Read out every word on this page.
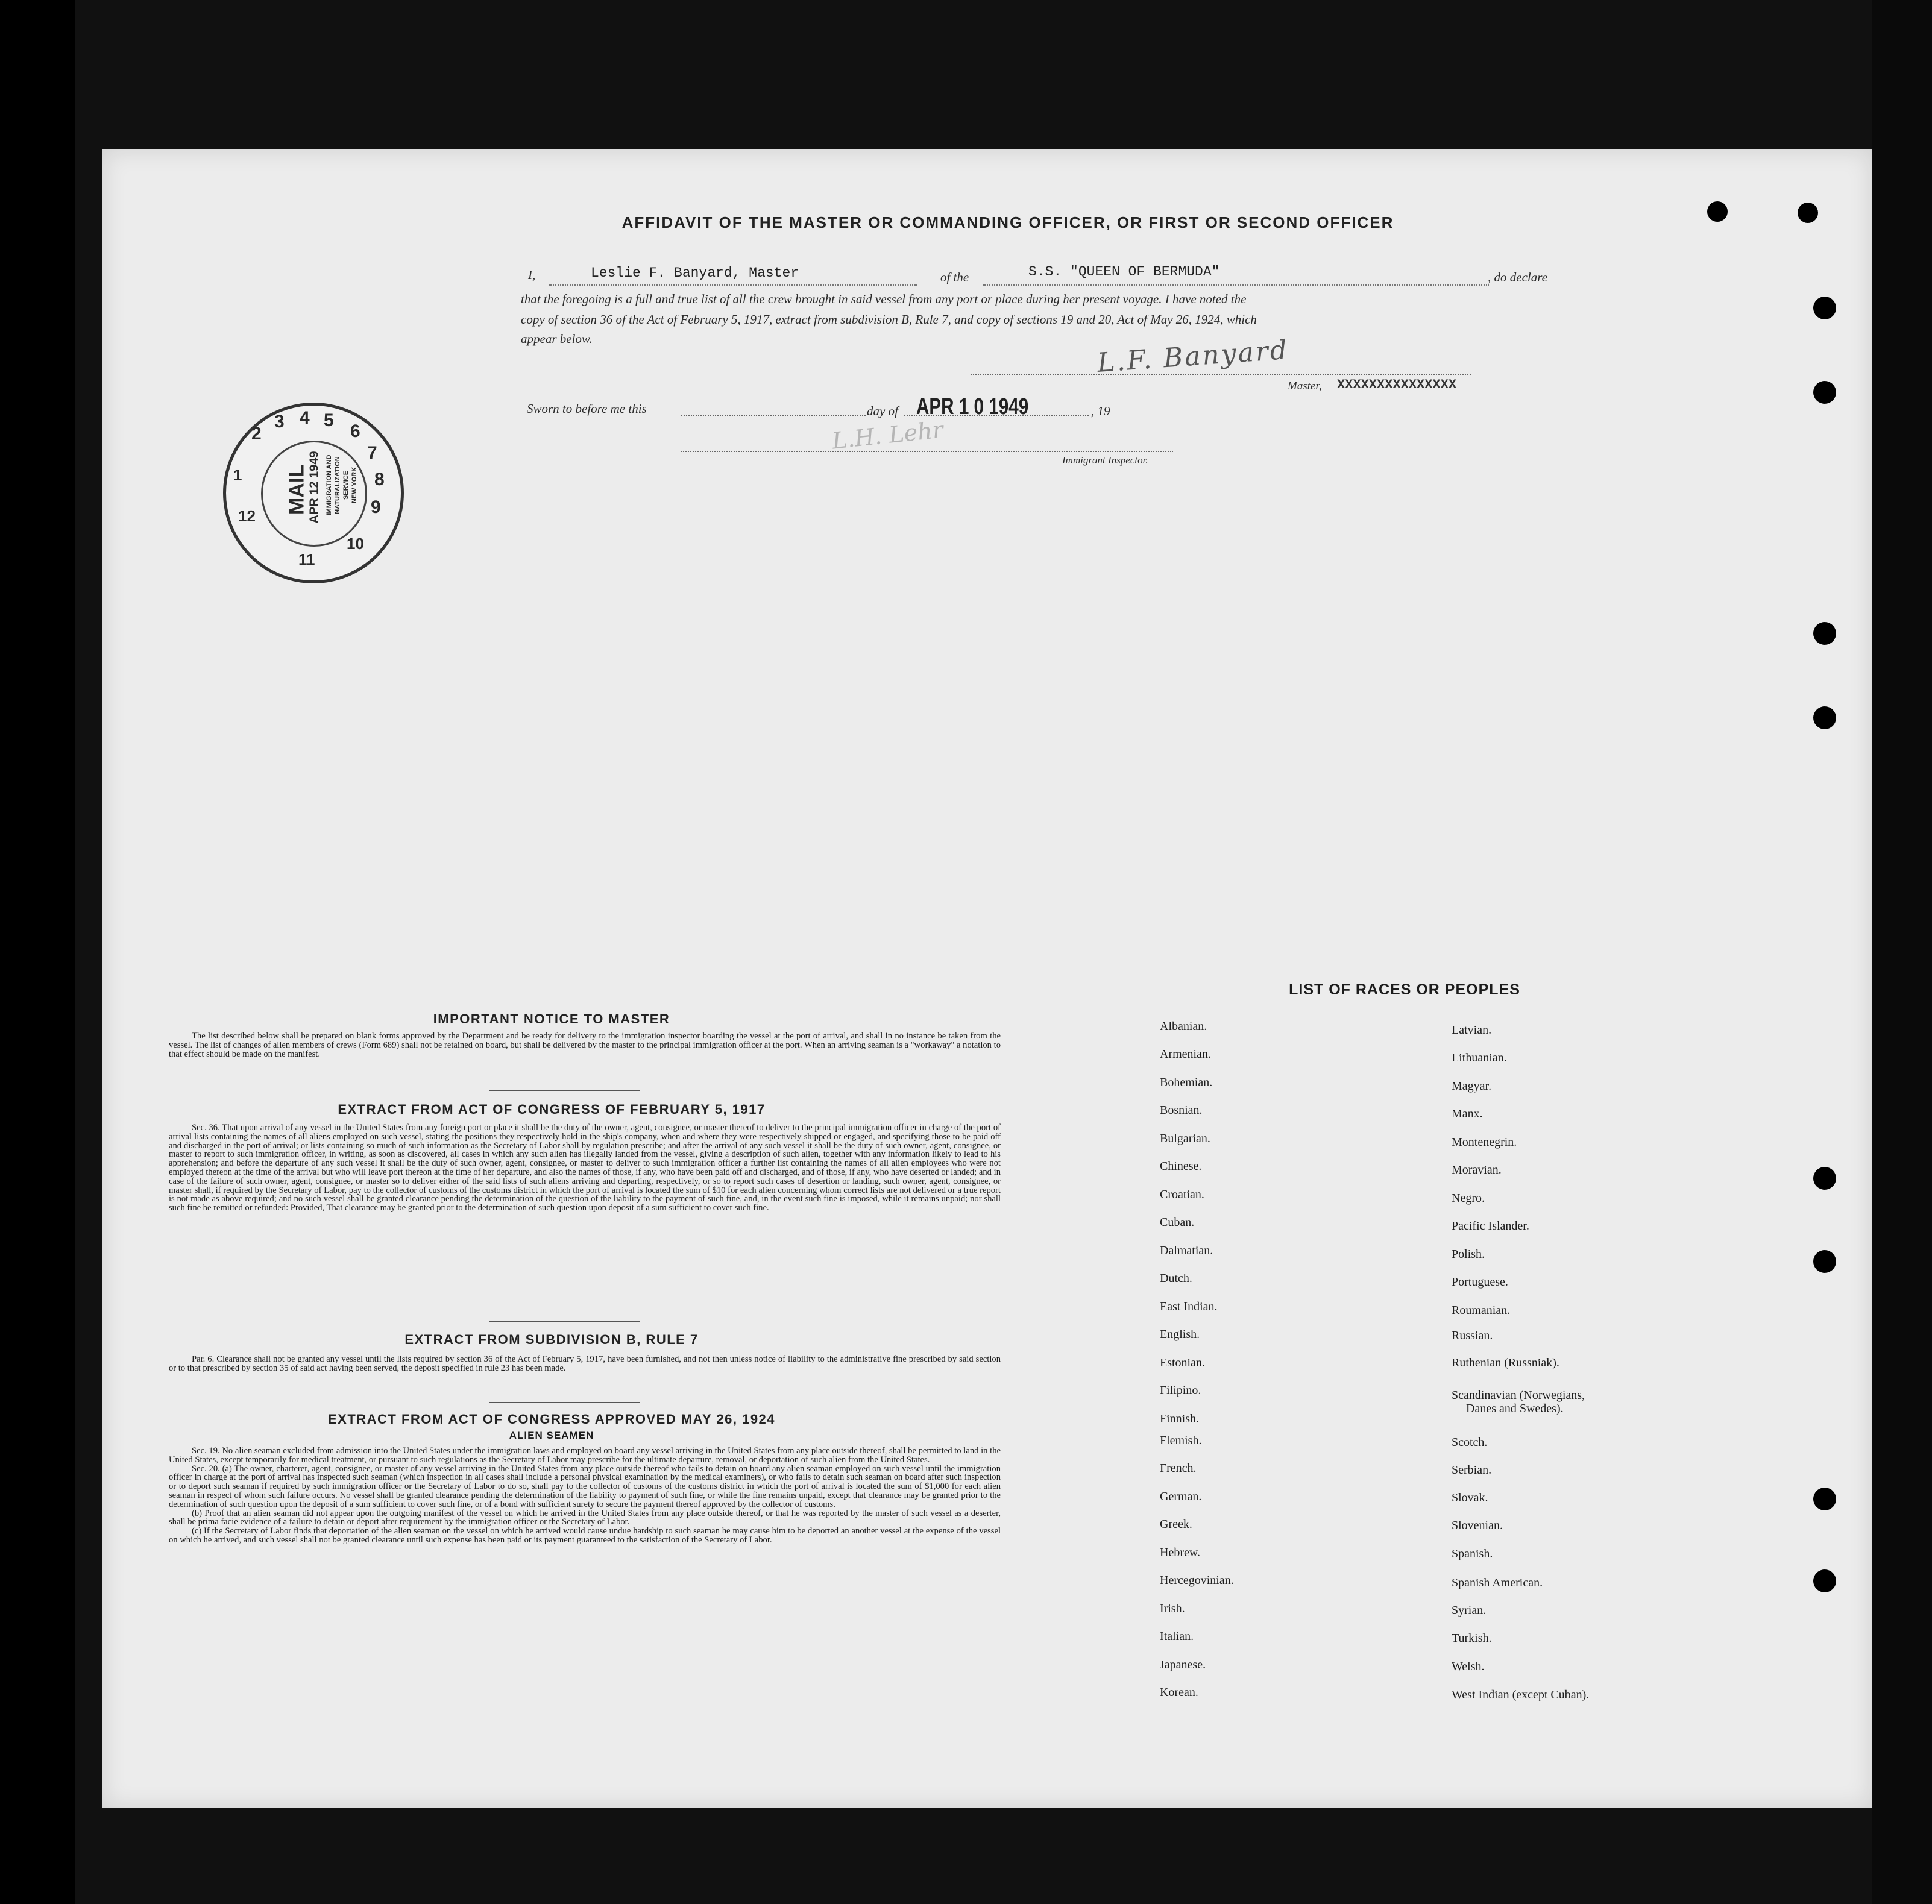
AFFIDAVIT OF THE MASTER OR COMMANDING OFFICER, OR FIRST OR SECOND OFFICER
I,	Leslie F. Banyard, Master	of the	S.S. "QUEEN OF BERMUDA"	, do declare
that the foregoing is a full and true list of all the crew brought in said vessel from any port or place during her present voyage. I have noted the
copy of section 36 of the Act of February 5, 1917, extract from subdivision B, Rule 7, and copy of sections 19 and 20, Act of May 26, 1924, which
appear below.	L.F. Banyard
Master, XXXXXXXXXXXXXXX
Sworn to before me this	day of APR 1 0 1949	, 19
L.H. Lehr
Immigrant Inspector.
2
3 4 5
6
7
8
9
10
11
12
1 MAIL APR 12 1949 IMMIGRATION AND NATURALIZATION SERVICE NEW YORK
IMPORTANT NOTICE TO MASTER
The list described below shall be prepared on blank forms approved by the Department and be ready for delivery to the immigration inspector boarding the vessel at the port of arrival, and shall in no instance be taken from the vessel. The list of changes of alien members of crews (Form 689) shall not be retained on board, but shall be delivered by the master to the principal immigration officer at the port. When an arriving seaman is a "workaway" a notation to that effect should be made on the manifest.
EXTRACT FROM ACT OF CONGRESS OF FEBRUARY 5, 1917
Sec. 36. That upon arrival of any vessel in the United States from any foreign port or place it shall be the duty of the owner, agent, consignee, or master thereof to deliver to the principal immigration officer in charge of the port of arrival lists containing the names of all aliens employed on such vessel, stating the positions they respectively hold in the ship's company, when and where they were respectively shipped or engaged, and specifying those to be paid off and discharged in the port of arrival; or lists containing so much of such information as the Secretary of Labor shall by regulation prescribe; and after the arrival of any such vessel it shall be the duty of such owner, agent, consignee, or master to report to such immigration officer, in writing, as soon as discovered, all cases in which any such alien has illegally landed from the vessel, giving a description of such alien, together with any information likely to lead to his apprehension; and before the departure of any such vessel it shall be the duty of such owner, agent, consignee, or master to deliver to such immigration officer a further list containing the names of all alien employees who were not employed thereon at the time of the arrival but who will leave port thereon at the time of her departure, and also the names of those, if any, who have been paid off and discharged, and of those, if any, who have deserted or landed; and in case of the failure of such owner, agent, consignee, or master so to deliver either of the said lists of such aliens arriving and departing, respectively, or so to report such cases of desertion or landing, such owner, agent, consignee, or master shall, if required by the Secretary of Labor, pay to the collector of customs of the customs district in which the port of arrival is located the sum of $10 for each alien concerning whom correct lists are not delivered or a true report is not made as above required; and no such vessel shall be granted clearance pending the determination of the question of the liability to the payment of such fine, and, in the event such fine is imposed, while it remains unpaid; nor shall such fine be remitted or refunded: Provided, That clearance may be granted prior to the determination of such question upon deposit of a sum sufficient to cover such fine.
EXTRACT FROM SUBDIVISION B, RULE 7
Par. 6. Clearance shall not be granted any vessel until the lists required by section 36 of the Act of February 5, 1917, have been furnished, and not then unless notice of liability to the administrative fine prescribed by said section or to that prescribed by section 35 of said act having been served, the deposit specified in rule 23 has been made.
EXTRACT FROM ACT OF CONGRESS APPROVED MAY 26, 1924
ALIEN SEAMEN
Sec. 19. No alien seaman excluded from admission into the United States under the immigration laws and employed on board any vessel arriving in the United States from any place outside thereof, shall be permitted to land in the United States, except temporarily for medical treatment, or pursuant to such regulations as the Secretary of Labor may prescribe for the ultimate departure, removal, or deportation of such alien from the United States.
Sec. 20. (a) The owner, charterer, agent, consignee, or master of any vessel arriving in the United States from any place outside thereof who fails to detain on board any alien seaman employed on such vessel until the immigration officer in charge at the port of arrival has inspected such seaman (which inspection in all cases shall include a personal physical examination by the medical examiners), or who fails to detain such seaman on board after such inspection or to deport such seaman if required by such immigration officer or the Secretary of Labor to do so, shall pay to the collector of customs of the customs district in which the port of arrival is located the sum of $1,000 for each alien seaman in respect of whom such failure occurs. No vessel shall be granted clearance pending the determination of the liability to payment of such fine, or while the fine remains unpaid, except that clearance may be granted prior to the determination of such question upon the deposit of a sum sufficient to cover such fine, or of a bond with sufficient surety to secure the payment thereof approved by the collector of customs.
(b) Proof that an alien seaman did not appear upon the outgoing manifest of the vessel on which he arrived in the United States from any place outside thereof, or that he was reported by the master of such vessel as a deserter, shall be prima facie evidence of a failure to detain or deport after requirement by the immigration officer or the Secretary of Labor.
(c) If the Secretary of Labor finds that deportation of the alien seaman on the vessel on which he arrived would cause undue hardship to such seaman he may cause him to be deported an another vessel at the expense of the vessel on which he arrived, and such vessel shall not be granted clearance until such expense has been paid or its payment guaranteed to the satisfaction of the Secretary of Labor.
LIST OF RACES OR PEOPLES
Albanian.
Armenian.
Bohemian.
Bosnian.
Bulgarian.
Chinese.
Croatian.
Cuban.
Dalmatian.
Dutch.
East Indian.
English.
Estonian.
Filipino.
Finnish.
Flemish.
French.
German.
Greek.
Hebrew.
Hercegovinian.
Irish.
Italian.
Japanese.
Korean.
Latvian.
Lithuanian.
Magyar.
Manx.
Montenegrin.
Moravian.
Negro.
Pacific Islander.
Polish.
Portuguese.
Roumanian.
Russian.
Ruthenian (Russniak).
Scandinavian (Norwegians,
Danes and Swedes).
Scotch.
Serbian.
Slovak.
Slovenian.
Spanish.
Spanish American.
Syrian.
Turkish.
Welsh.
West Indian (except Cuban).
